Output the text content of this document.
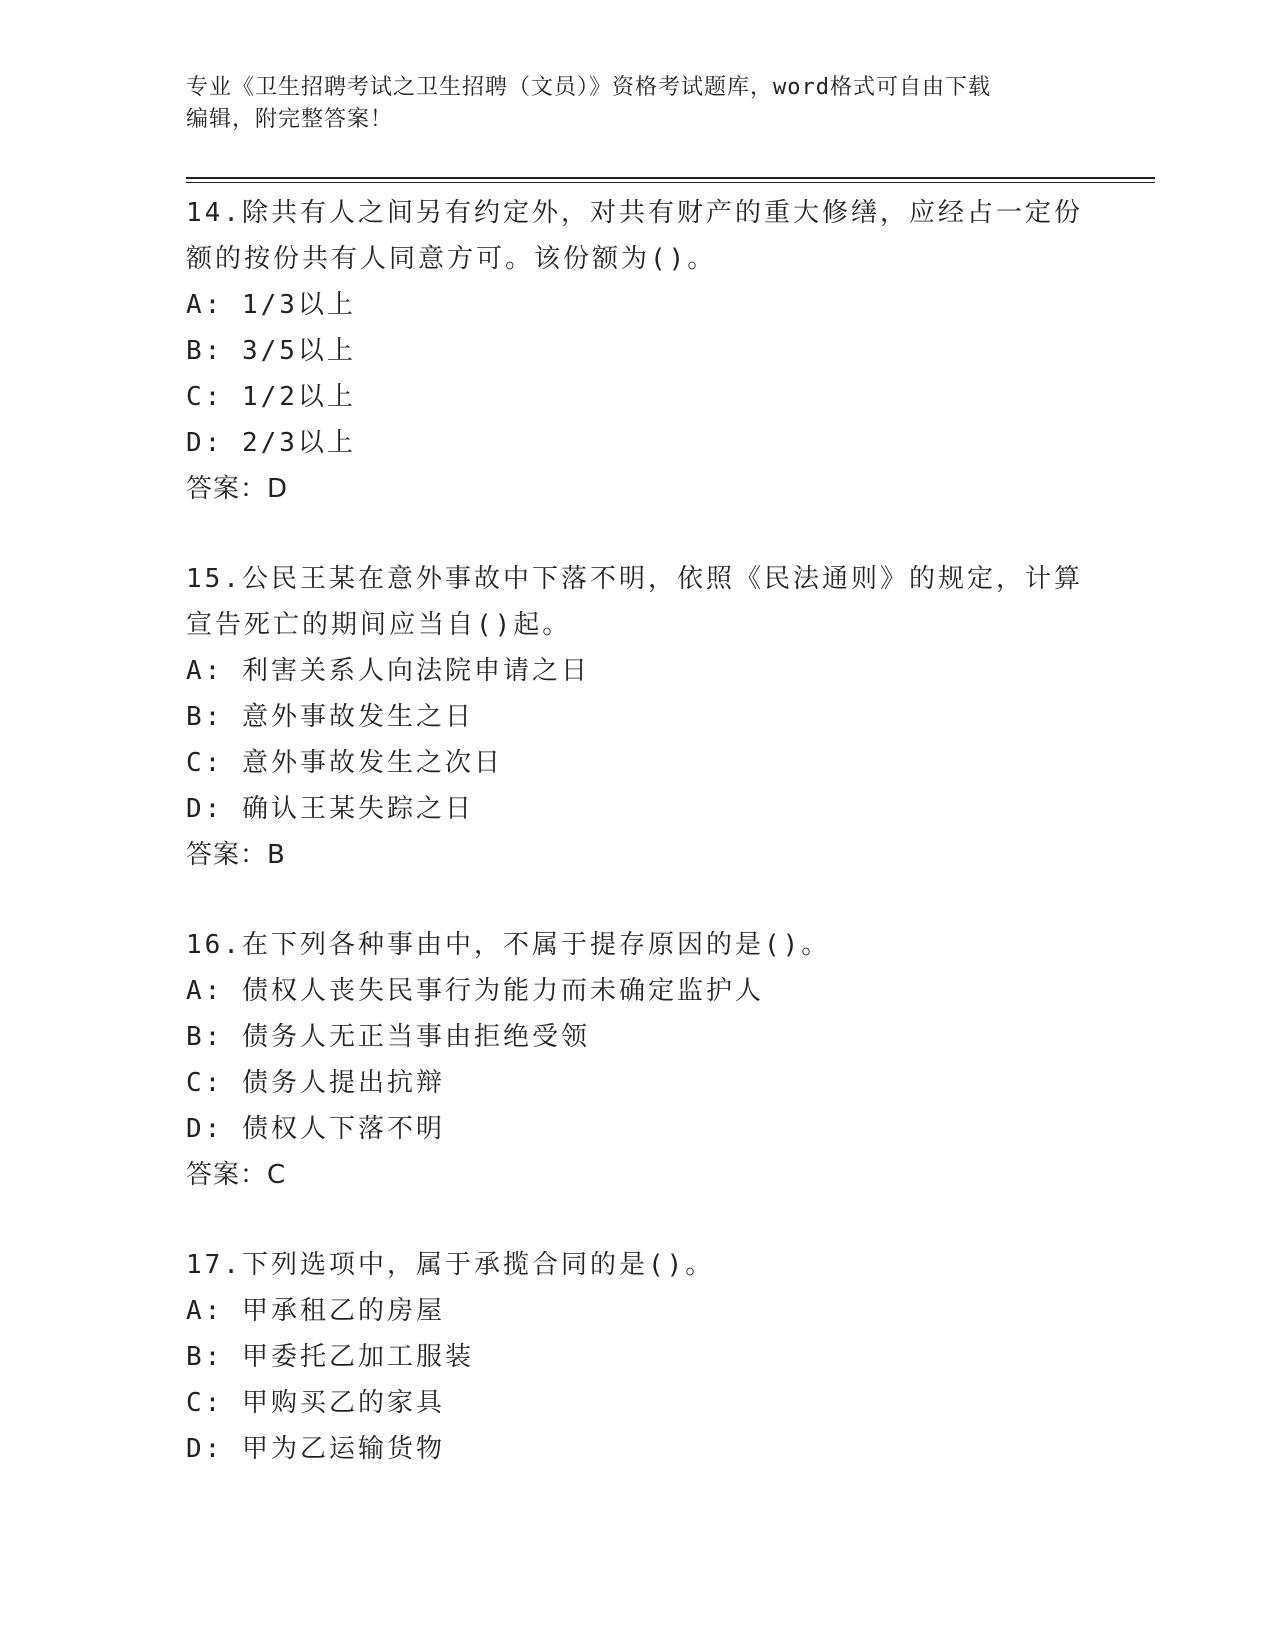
专业《卫生招聘考试之卫生招聘（文员）》资格考试题库，word格式可自由下载
编辑，附完整答案！
14.除共有人之间另有约定外，对共有财产的重大修缮，应经占一定份
额的按份共有人同意方可。该份额为()。
A: 1/3以上
B: 3/5以上
C: 1/2以上
D: 2/3以上
答案：D
15.公民王某在意外事故中下落不明，依照《民法通则》的规定，计算
宣告死亡的期间应当自()起。
A: 利害关系人向法院申请之日
B: 意外事故发生之日
C: 意外事故发生之次日
D: 确认王某失踪之日
答案：B
16.在下列各种事由中，不属于提存原因的是()。
A: 债权人丧失民事行为能力而未确定监护人
B: 债务人无正当事由拒绝受领
C: 债务人提出抗辩
D: 债权人下落不明
答案：C
17.下列选项中，属于承揽合同的是()。
A: 甲承租乙的房屋
B: 甲委托乙加工服装
C: 甲购买乙的家具
D: 甲为乙运输货物
